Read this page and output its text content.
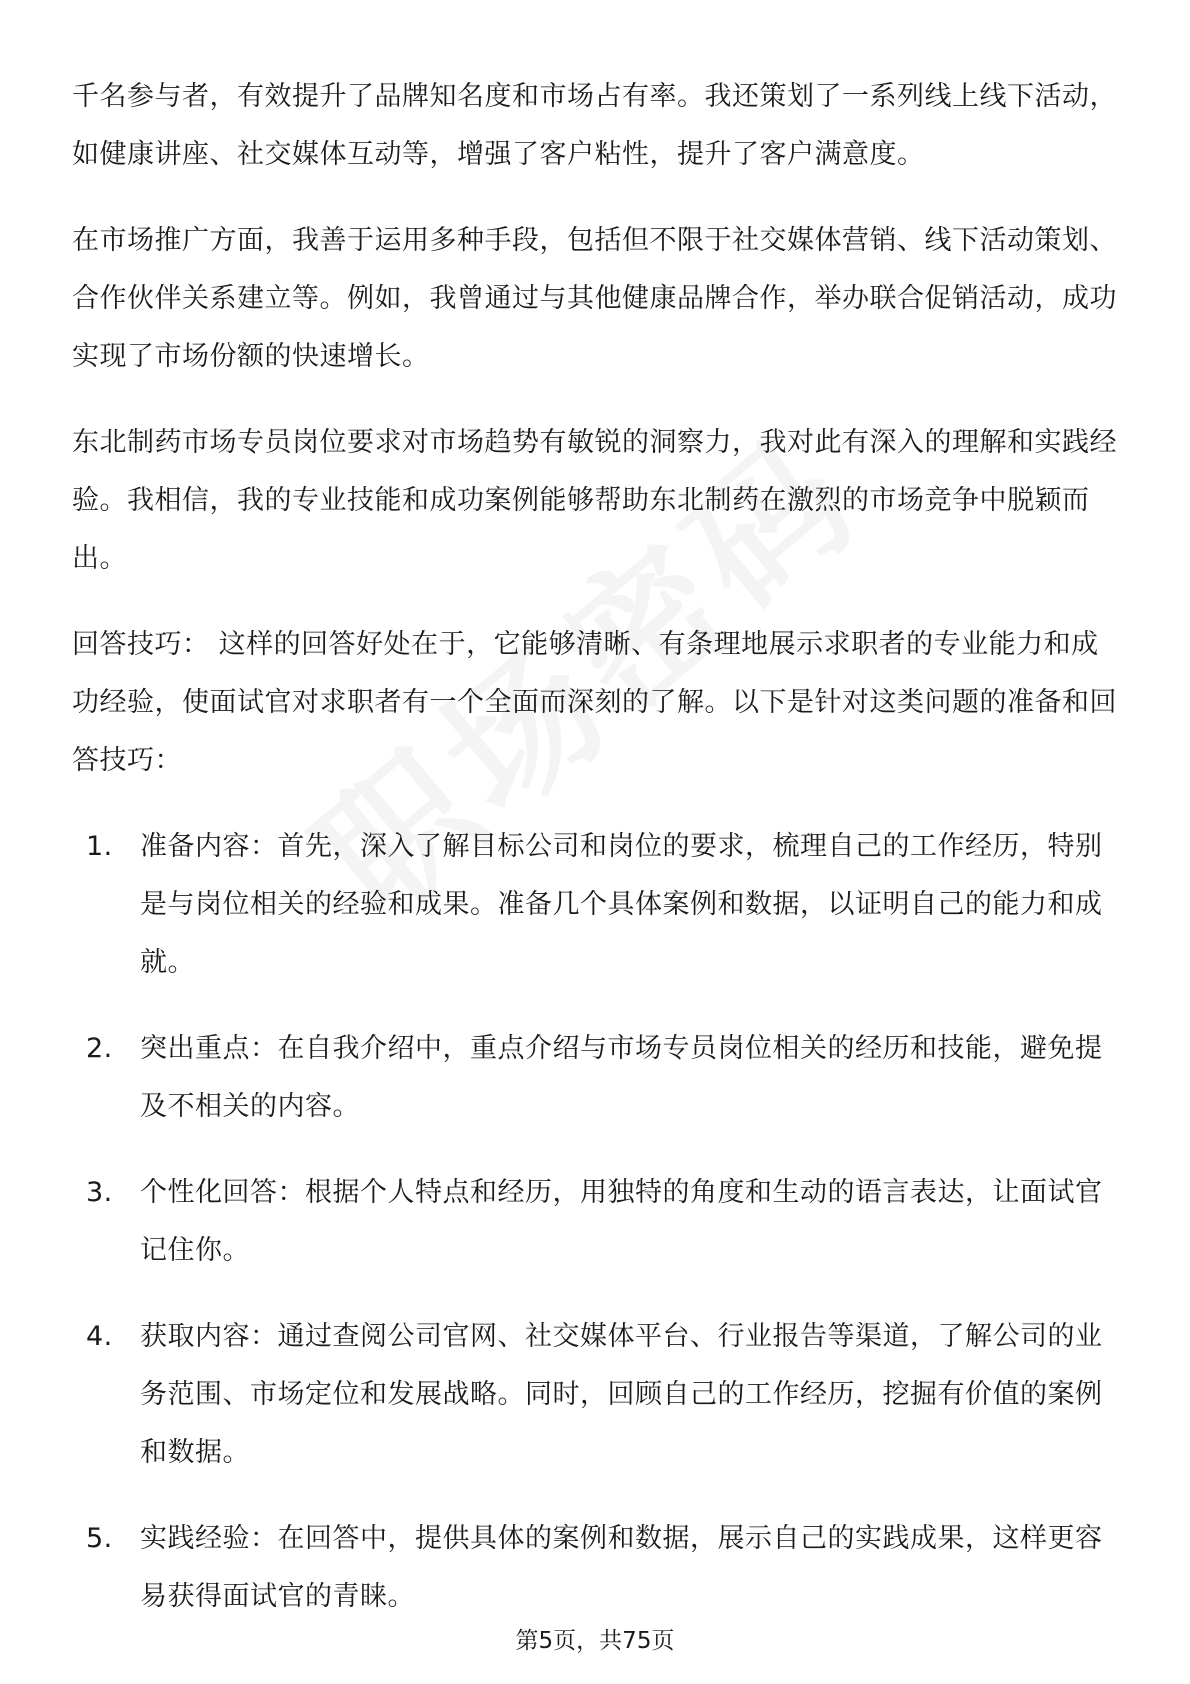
千名参与者，有效提升了品牌知名度和市场占有率。我还策划了一系列线上线下活动，如健康讲座、社交媒体互动等，增强了客户粘性，提升了客户满意度。

在市场推广方面，我善于运用多种手段，包括但不限于社交媒体营销、线下活动策划、合作伙伴关系建立等。例如，我曾通过与其他健康品牌合作，举办联合促销活动，成功实现了市场份额的快速增长。

东北制药市场专员岗位要求对市场趋势有敏锐的洞察力，我对此有深入的理解和实践经验。我相信，我的专业技能和成功案例能够帮助东北制药在激烈的市场竞争中脱颖而出。

回答技巧： 这样的回答好处在于，它能够清晰、有条理地展示求职者的专业能力和成功经验，使面试官对求职者有一个全面而深刻的了解。以下是针对这类问题的准备和回答技巧：

1. 准备内容：首先，深入了解目标公司和岗位的要求，梳理自己的工作经历，特别是与岗位相关的经验和成果。准备几个具体案例和数据，以证明自己的能力和成就。
2. 突出重点：在自我介绍中，重点介绍与市场专员岗位相关的经历和技能，避免提及不相关的内容。
3. 个性化回答：根据个人特点和经历，用独特的角度和生动的语言表达，让面试官记住你。
4. 获取内容：通过查阅公司官网、社交媒体平台、行业报告等渠道，了解公司的业务范围、市场定位和发展战略。同时，回顾自己的工作经历，挖掘有价值的案例和数据。
5. 实践经验：在回答中，提供具体的案例和数据，展示自己的实践成果，这样更容易获得面试官的青睐。
第5页，共75页
